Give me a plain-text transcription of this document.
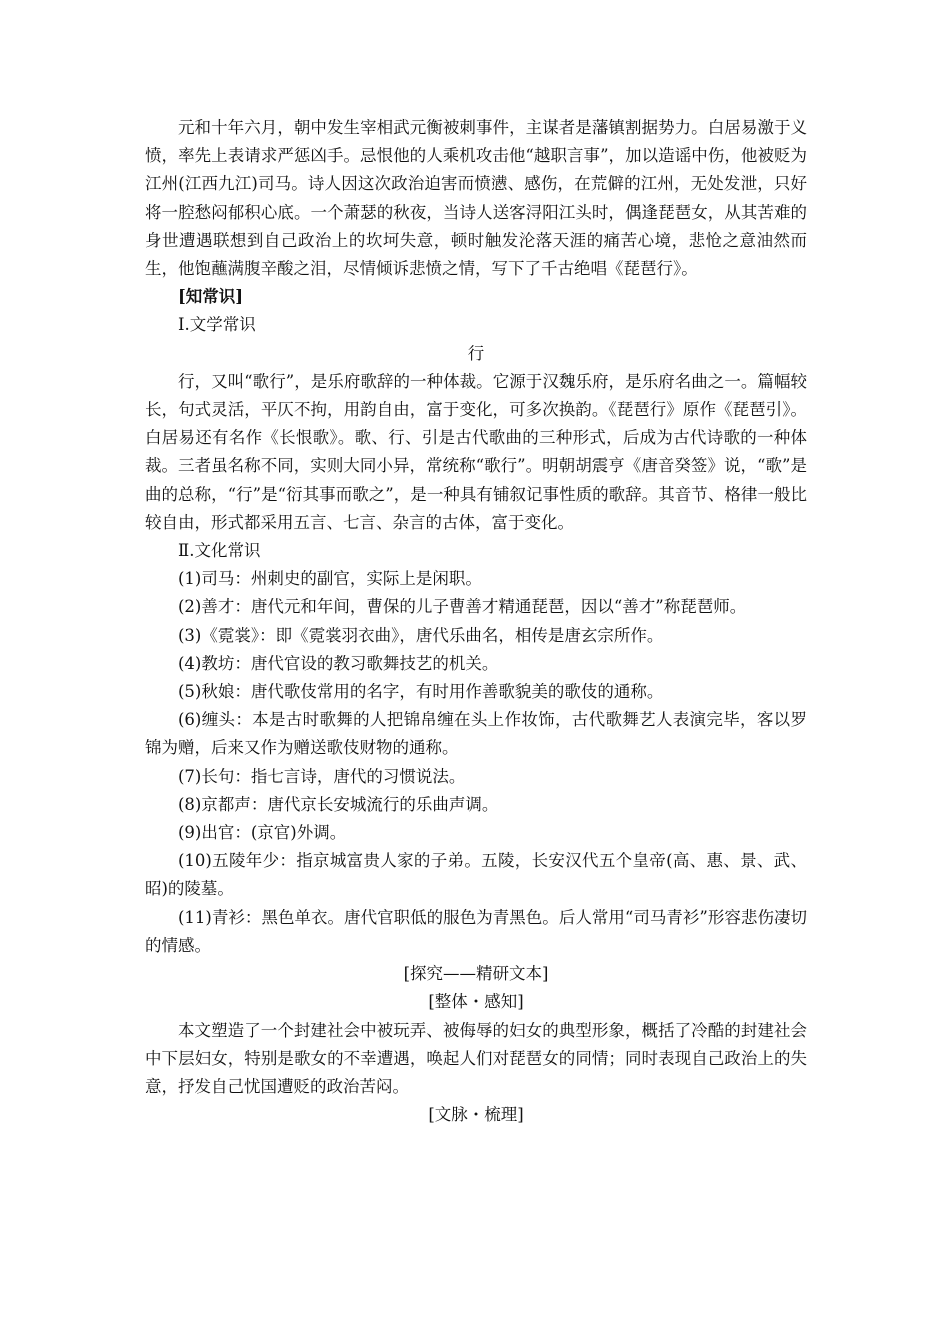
元和十年六月，朝中发生宰相武元衡被刺事件，主谋者是藩镇割据势力。白居易激于义愤，率先上表请求严惩凶手。忌恨他的人乘机攻击他“越职言事”，加以造谣中伤，他被贬为江州(江西九江)司马。诗人因这次政治迫害而愤懑、感伤，在荒僻的江州，无处发泄，只好将一腔愁闷郁积心底。一个萧瑟的秋夜，当诗人送客浔阳江头时，偶逢琵琶女，从其苦难的身世遭遇联想到自己政治上的坎坷失意，顿时触发沦落天涯的痛苦心境，悲怆之意油然而生，他饱蘸满腹辛酸之泪，尽情倾诉悲愤之情，写下了千古绝唱《琵琶行》。

[知常识]

Ⅰ.文学常识

行

行，又叫“歌行”，是乐府歌辞的一种体裁。它源于汉魏乐府，是乐府名曲之一。篇幅较长，句式灵活，平仄不拘，用韵自由，富于变化，可多次换韵。《琵琶行》原作《琵琶引》。白居易还有名作《长恨歌》。歌、行、引是古代歌曲的三种形式，后成为古代诗歌的一种体裁。三者虽名称不同，实则大同小异，常统称“歌行”。明朝胡震亨《唐音癸签》说，“歌”是曲的总称，“行”是“衍其事而歌之”，是一种具有铺叙记事性质的歌辞。其音节、格律一般比较自由，形式都采用五言、七言、杂言的古体，富于变化。

Ⅱ.文化常识

(1)司马：州刺史的副官，实际上是闲职。

(2)善才：唐代元和年间，曹保的儿子曹善才精通琵琶，因以“善才”称琵琶师。

(3)《霓裳》：即《霓裳羽衣曲》，唐代乐曲名，相传是唐玄宗所作。

(4)教坊：唐代官设的教习歌舞技艺的机关。

(5)秋娘：唐代歌伎常用的名字，有时用作善歌貌美的歌伎的通称。

(6)缠头：本是古时歌舞的人把锦帛缠在头上作妆饰，古代歌舞艺人表演完毕，客以罗锦为赠，后来又作为赠送歌伎财物的通称。

(7)长句：指七言诗，唐代的习惯说法。

(8)京都声：唐代京长安城流行的乐曲声调。

(9)出官：(京官)外调。

(10)五陵年少：指京城富贵人家的子弟。五陵，长安汉代五个皇帝(高、惠、景、武、昭)的陵墓。

(11)青衫：黑色单衣。唐代官职低的服色为青黑色。后人常用“司马青衫”形容悲伤凄切的情感。

[探究——精研文本]

[整体・感知]

本文塑造了一个封建社会中被玩弄、被侮辱的妇女的典型形象，概括了冷酷的封建社会中下层妇女，特别是歌女的不幸遭遇，唤起人们对琵琶女的同情；同时表现自己政治上的失意，抒发自己忧国遭贬的政治苦闷。

[文脉・梳理]
